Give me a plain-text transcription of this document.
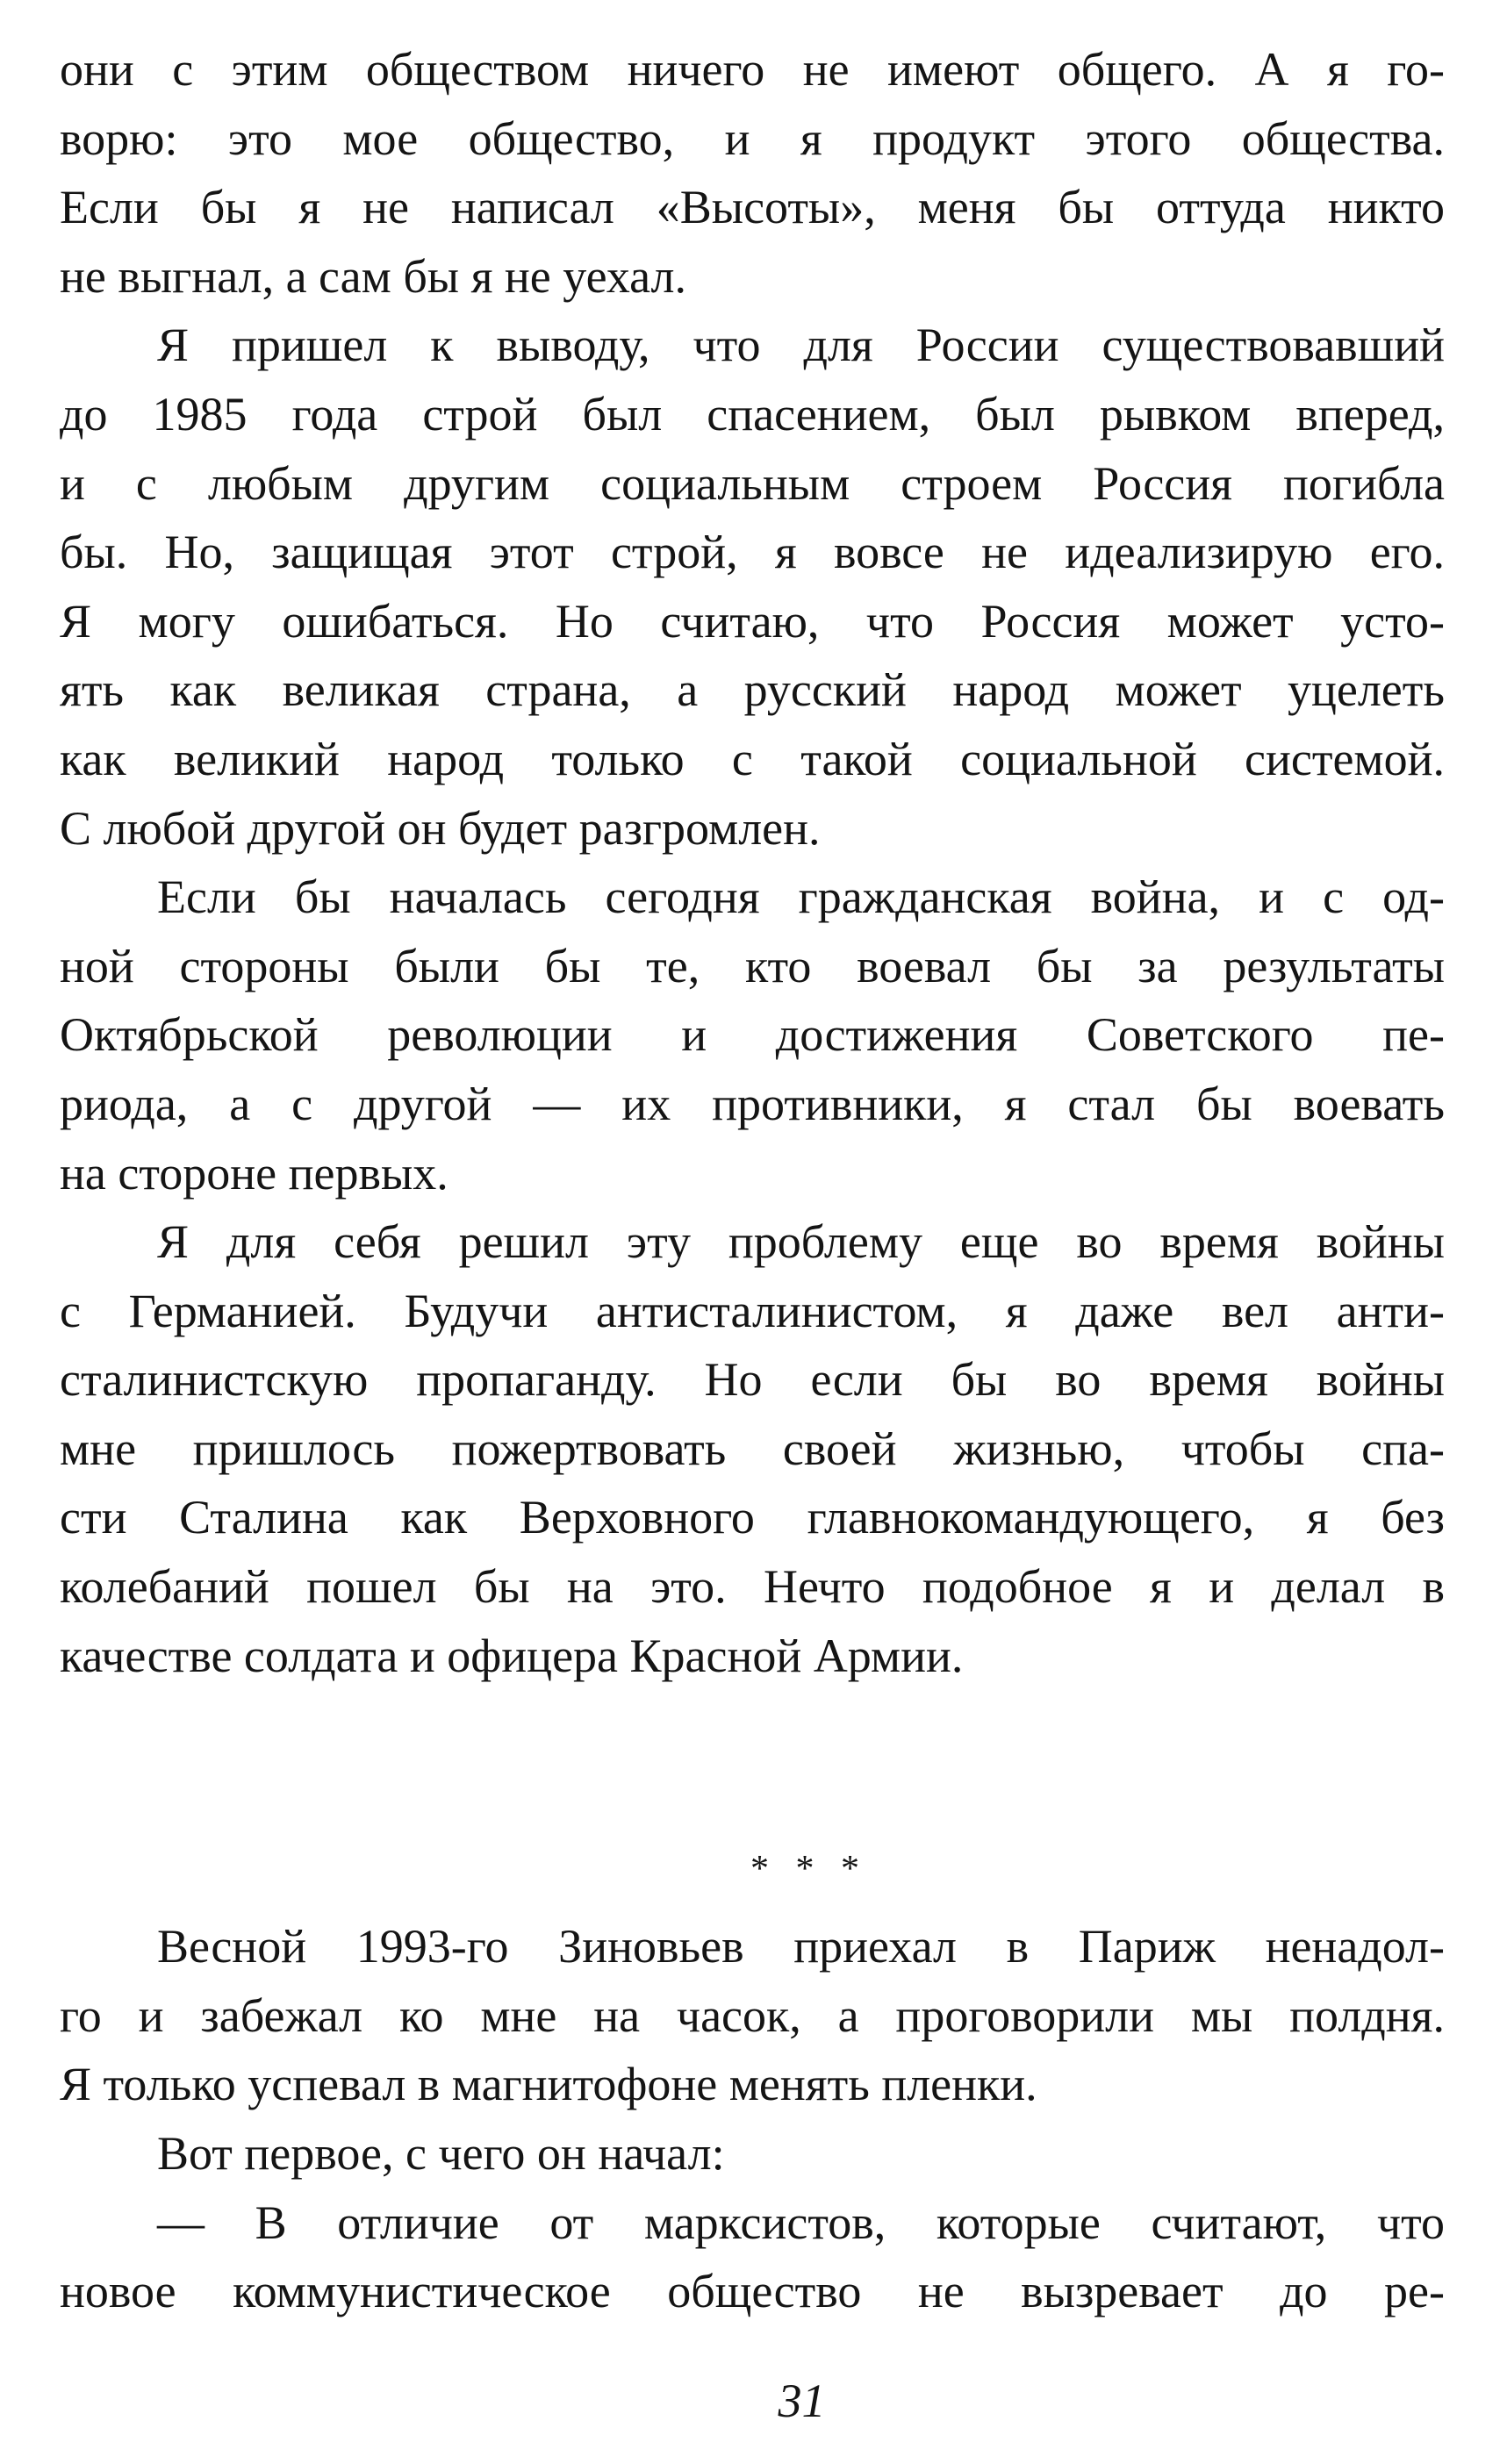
они с этим обществом ничего не имеют общего. А я го-
ворю: это мое общество, и я продукт этого общества.
Если бы я не написал «Высоты», меня бы оттуда никто
не выгнал, а сам бы я не уехал.
Я пришел к выводу, что для России существовавший
до 1985 года строй был спасением, был рывком вперед,
и с любым другим социальным строем Россия погибла
бы. Но, защищая этот строй, я вовсе не идеализирую его.
Я могу ошибаться. Но считаю, что Россия может усто-
ять как великая страна, а русский народ может уцелеть
как великий народ только с такой социальной системой.
С любой другой он будет разгромлен.
Если бы началась сегодня гражданская война, и с од-
ной стороны были бы те, кто воевал бы за результаты
Октябрьской революции и достижения Советского пе-
риода, а с другой — их противники, я стал бы воевать
на стороне первых.
Я для себя решил эту проблему еще во время войны
с Германией. Будучи антисталинистом, я даже вел анти-
сталинистскую пропаганду. Но если бы во время войны
мне пришлось пожертвовать своей жизнью, чтобы спа-
сти Сталина как Верховного главнокомандующего, я без
колебаний пошел бы на это. Нечто подобное я и делал в
качестве солдата и офицера Красной Армии.
* * *
Весной 1993-го Зиновьев приехал в Париж ненадол-
го и забежал ко мне на часок, а проговорили мы полдня.
Я только успевал в магнитофоне менять пленки.
Вот первое, с чего он начал:
— В отличие от марксистов, которые считают, что
новое коммунистическое общество не вызревает до ре-
31
